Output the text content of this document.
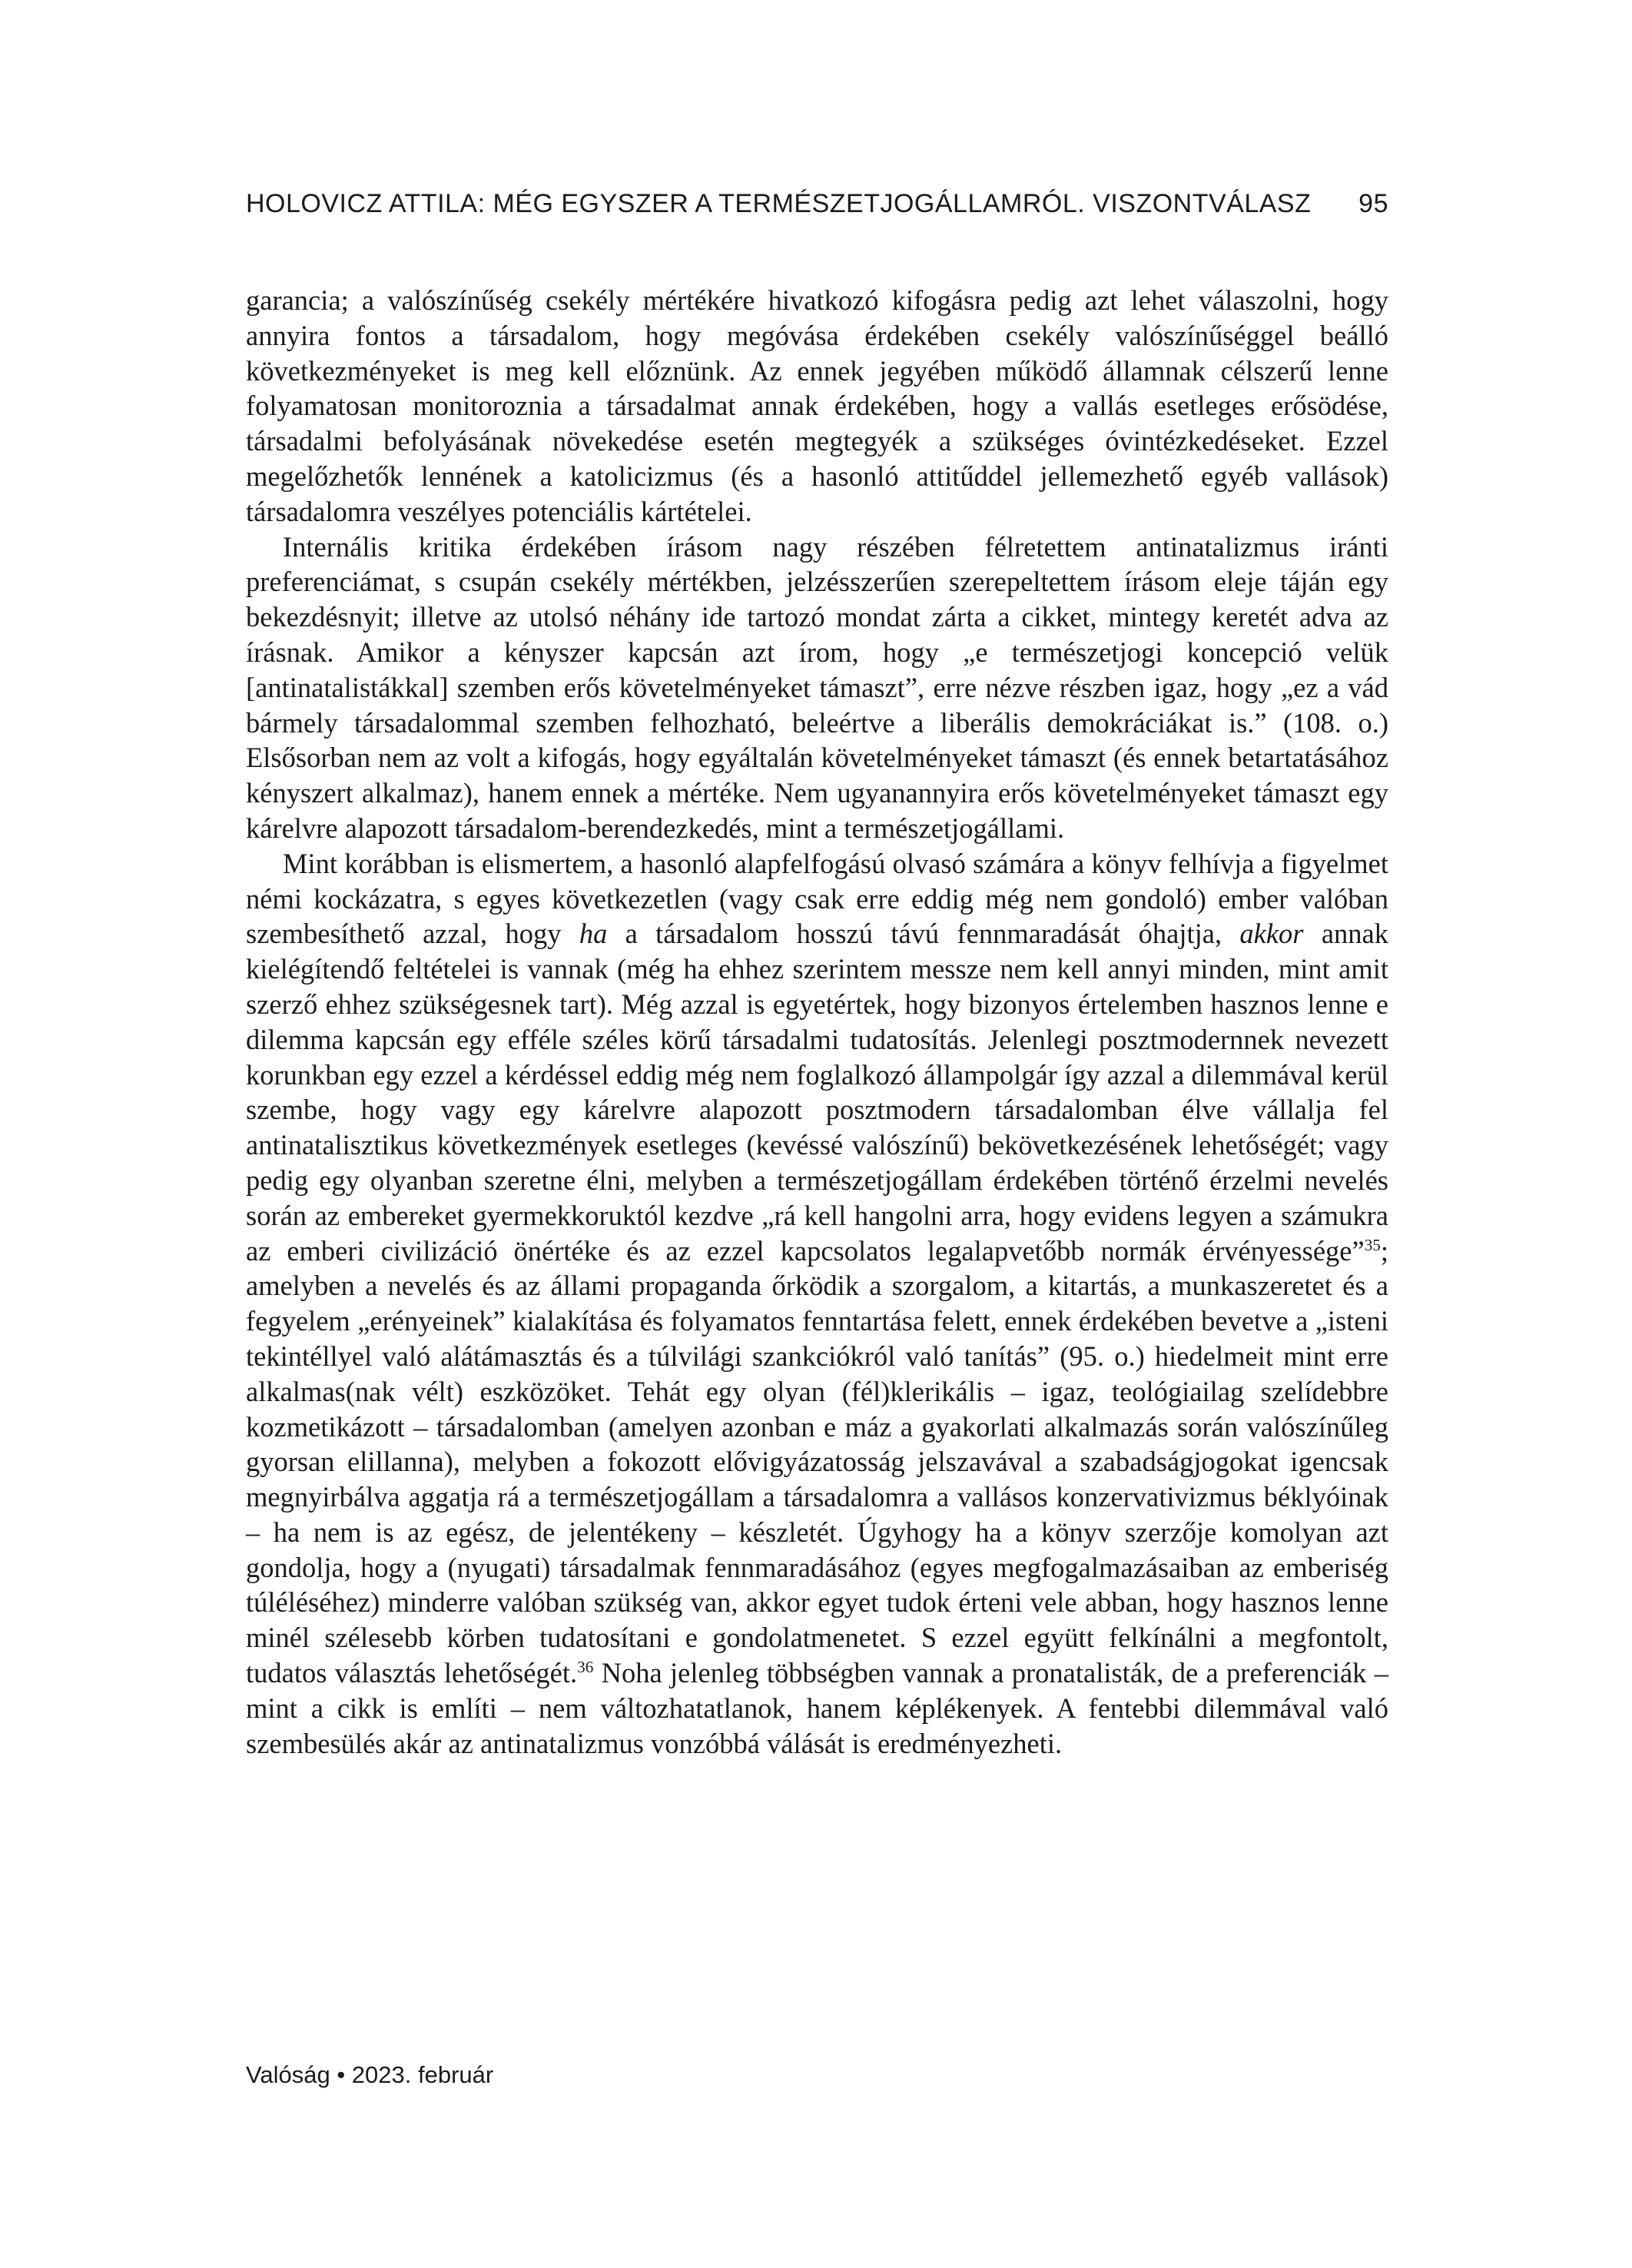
HOLOVICZ ATTILA: MÉG EGYSZER A TERMÉSZETJOGÁLLAMRÓL. VISZONTVÁLASZ	95

garancia; a valószínűség csekély mértékére hivatkozó kifogásra pedig azt lehet válaszolni, hogy annyira fontos a társadalom, hogy megóvása érdekében csekély valószínűséggel beálló következményeket is meg kell előznünk. Az ennek jegyében működő államnak célszerű lenne folyamatosan monitoroznia a társadalmat annak érdekében, hogy a vallás esetleges erősödése, társadalmi befolyásának növekedése esetén megtegyék a szükséges óvintézkedéseket. Ezzel megelőzhetők lennének a katolicizmus (és a hasonló attitűddel jellemezhető egyéb vallások) társadalomra veszélyes potenciális kártételei.

Internális kritika érdekében írásom nagy részében félretettem antinatalizmus iránti preferenciámat, s csupán csekély mértékben, jelzésszerűen szerepeltettem írásom eleje táján egy bekezdésnyit; illetve az utolsó néhány ide tartozó mondat zárta a cikket, mintegy keretét adva az írásnak. Amikor a kényszer kapcsán azt írom, hogy „e természetjogi koncepció velük [antinatalistákkal] szemben erős követelményeket támaszt”, erre nézve részben igaz, hogy „ez a vád bármely társadalommal szemben felhozható, beleértve a liberális demokráciákat is.” (108. o.) Elsősorban nem az volt a kifogás, hogy egyáltalán követelményeket támaszt (és ennek betartatásához kényszert alkalmaz), hanem ennek a mértéke. Nem ugyanannyira erős követelményeket támaszt egy kárelvre alapozott társadalom-berendezkedés, mint a természetjogállami.

Mint korábban is elismertem, a hasonló alapfelfogású olvasó számára a könyv felhívja a figyelmet némi kockázatra, s egyes következetlen (vagy csak erre eddig még nem gondoló) ember valóban szembesíthető azzal, hogy ha a társadalom hosszú távú fennmaradását óhajtja, akkor annak kielégítendő feltételei is vannak (még ha ehhez szerintem messze nem kell annyi minden, mint amit szerző ehhez szükségesnek tart). Még azzal is egyetértek, hogy bizonyos értelemben hasznos lenne e dilemma kapcsán egy efféle széles körű társadalmi tudatosítás. Jelenlegi posztmodernnek nevezett korunkban egy ezzel a kérdéssel eddig még nem foglalkozó állampolgár így azzal a dilemmával kerül szembe, hogy vagy egy kárelvre alapozott posztmodern társadalomban élve vállalja fel antinatalisztikus következmények esetleges (kevéssé valószínű) bekövetkezésének lehetőségét; vagy pedig egy olyanban szeretne élni, melyben a természetjogállam érdekében történő érzelmi nevelés során az embereket gyermekkoruktól kezdve „rá kell hangolni arra, hogy evidens legyen a számukra az emberi civilizáció önértéke és az ezzel kapcsolatos legalapvetőbb normák érvényessége”$^{35}$; amelyben a nevelés és az állami propaganda őrködik a szorgalom, a kitartás, a munkaszeretet és a fegyelem „erényeinek” kialakítása és folyamatos fenntartása felett, ennek érdekében bevetve a „isteni tekintéllyel való alátámasztás és a túlvilági szankciókról való tanítás” (95. o.) hiedelmeit mint erre alkalmas(nak vélt) eszközöket. Tehát egy olyan (fél)klerikális – igaz, teológiailag szelídebbre kozmetikázott – társadalomban (amelyen azonban e máz a gyakorlati alkalmazás során valószínűleg gyorsan elillanna), melyben a fokozott elővigyázatosság jelszavával a szabadságjogokat igencsak megnyirbálva aggatja rá a természetjogállam a társadalomra a vallásos konzervativizmus béklyóinak – ha nem is az egész, de jelentékeny – készletét. Úgyhogy ha a könyv szerzője komolyan azt gondolja, hogy a (nyugati) társadalmak fennmaradásához (egyes megfogalmazásaiban az emberiség túléléséhez) minderre valóban szükség van, akkor egyet tudok érteni vele abban, hogy hasznos lenne minél szélesebb körben tudatosítani e gondolatmenetet. S ezzel együtt felkínálni a megfontolt, tudatos választás lehetőségét.$^{36}$ Noha jelenleg többségben vannak a pronatalisták, de a preferenciák – mint a cikk is említi – nem változhatatlanok, hanem képlékenyek. A fentebbi dilemmával való szembesülés akár az antinatalizmus vonzóbbá válását is eredményezheti.

Valóság • 2023. február
